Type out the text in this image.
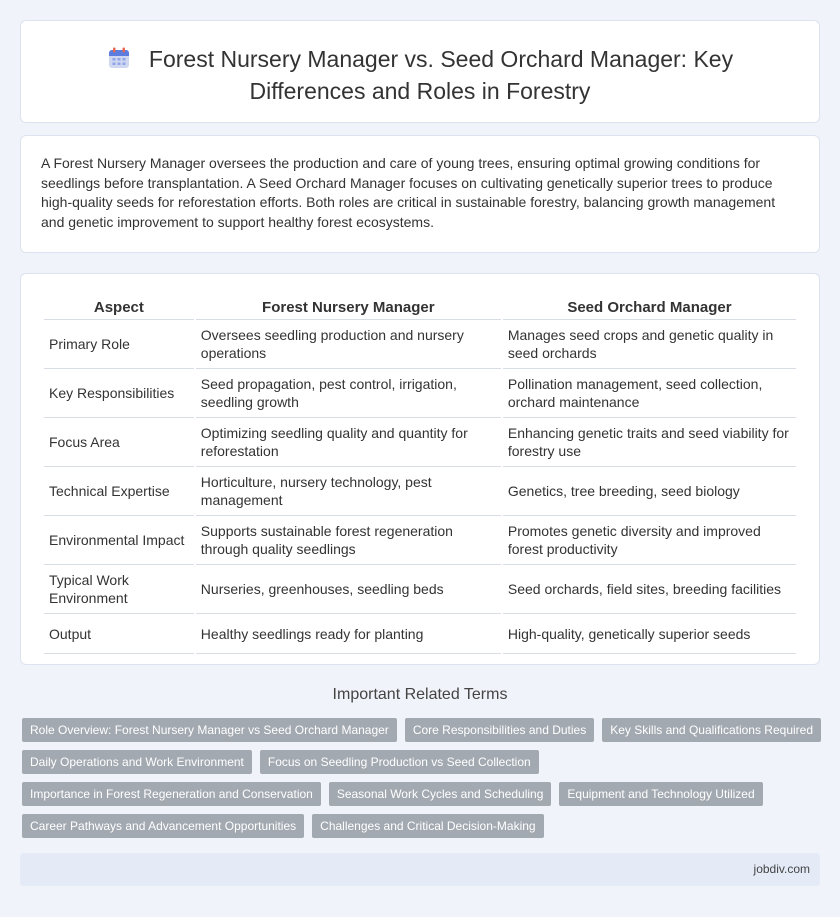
Forest Nursery Manager vs. Seed Orchard Manager: Key Differences and Roles in Forestry

A Forest Nursery Manager oversees the production and care of young trees, ensuring optimal growing conditions for seedlings before transplantation. A Seed Orchard Manager focuses on cultivating genetically superior trees to produce high-quality seeds for reforestation efforts. Both roles are critical in sustainable forestry, balancing growth management and genetic improvement to support healthy forest ecosystems.

Aspect	Forest Nursery Manager	Seed Orchard Manager
Primary Role	Oversees seedling production and nursery operations	Manages seed crops and genetic quality in seed orchards
Key Responsibilities	Seed propagation, pest control, irrigation, seedling growth	Pollination management, seed collection, orchard maintenance
Focus Area	Optimizing seedling quality and quantity for reforestation	Enhancing genetic traits and seed viability for forestry use
Technical Expertise	Horticulture, nursery technology, pest management	Genetics, tree breeding, seed biology
Environmental Impact	Supports sustainable forest regeneration through quality seedlings	Promotes genetic diversity and improved forest productivity
Typical Work Environment	Nurseries, greenhouses, seedling beds	Seed orchards, field sites, breeding facilities
Output	Healthy seedlings ready for planting	High-quality, genetically superior seeds
Important Related Terms
Role Overview: Forest Nursery Manager vs Seed Orchard Manager	Core Responsibilities and Duties	Key Skills and Qualifications Required
Daily Operations and Work Environment	Focus on Seedling Production vs Seed Collection
Importance in Forest Regeneration and Conservation	Seasonal Work Cycles and Scheduling	Equipment and Technology Utilized
Career Pathways and Advancement Opportunities	Challenges and Critical Decision-Making
jobdiv.com
